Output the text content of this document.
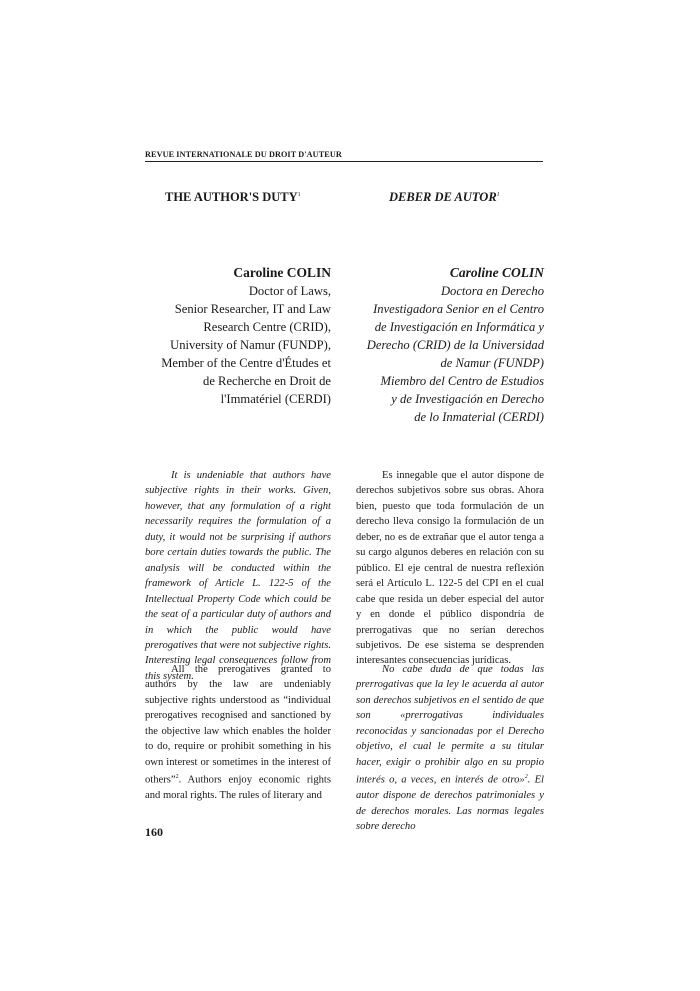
REVUE INTERNATIONALE DU DROIT D'AUTEUR
THE AUTHOR'S DUTY$^1$	DEBER DE AUTOR$^1$
Caroline COLIN
Doctor of Laws,
Senior Researcher, IT and Law
Research Centre (CRID),
University of Namur (FUNDP),
Member of the Centre d'Études et
de Recherche en Droit de
l'Immatériel (CERDI)
Caroline COLIN
Doctora en Derecho
Investigadora Senior en el Centro
de Investigación en Informática y
Derecho (CRID) de la Universidad
de Namur (FUNDP)
Miembro del Centro de Estudios
y de Investigación en Derecho
de lo Inmaterial (CERDI)

It is undeniable that authors have subjective rights in their works. Given, however, that any formulation of a right necessarily requires the formulation of a duty, it would not be surprising if authors bore certain duties towards the public. The analysis will be conducted within the framework of Article L. 122-5 of the Intellectual Property Code which could be the seat of a particular duty of authors and in which the public would have prerogatives that were not subjective rights. Interesting legal consequences follow from this system.

Es innegable que el autor dispone de derechos subjetivos sobre sus obras. Ahora bien, puesto que toda formulación de un derecho lleva consigo la formulación de un deber, no es de extrañar que el autor tenga a su cargo algunos deberes en relación con su público. El eje central de nuestra reflexión será el Artículo L. 122-5 del CPI en el cual cabe que resida un deber especial del autor y en donde el público dispondría de prerrogativas que no serían derechos subjetivos. De ese sistema se desprenden interesantes consecuencias jurídicas.

All the prerogatives granted to authors by the law are undeniably subjective rights understood as “individual prerogatives recognised and sanctioned by the objective law which enables the holder to do, require or prohibit something in his own interest or sometimes in the interest of others”$^2$. Authors enjoy economic rights and moral rights. The rules of literary and

No cabe duda de que todas las prerrogativas que la ley le acuerda al autor son derechos subjetivos en el sentido de que son «prerrogativas individuales reconocidas y sancionadas por el Derecho objetivo, el cual le permite a su titular hacer, exigir o prohibir algo en su propio interés o, a veces, en interés de otro»$^2$. El autor dispone de derechos patrimoniales y de derechos morales. Las normas legales sobre derecho

160
